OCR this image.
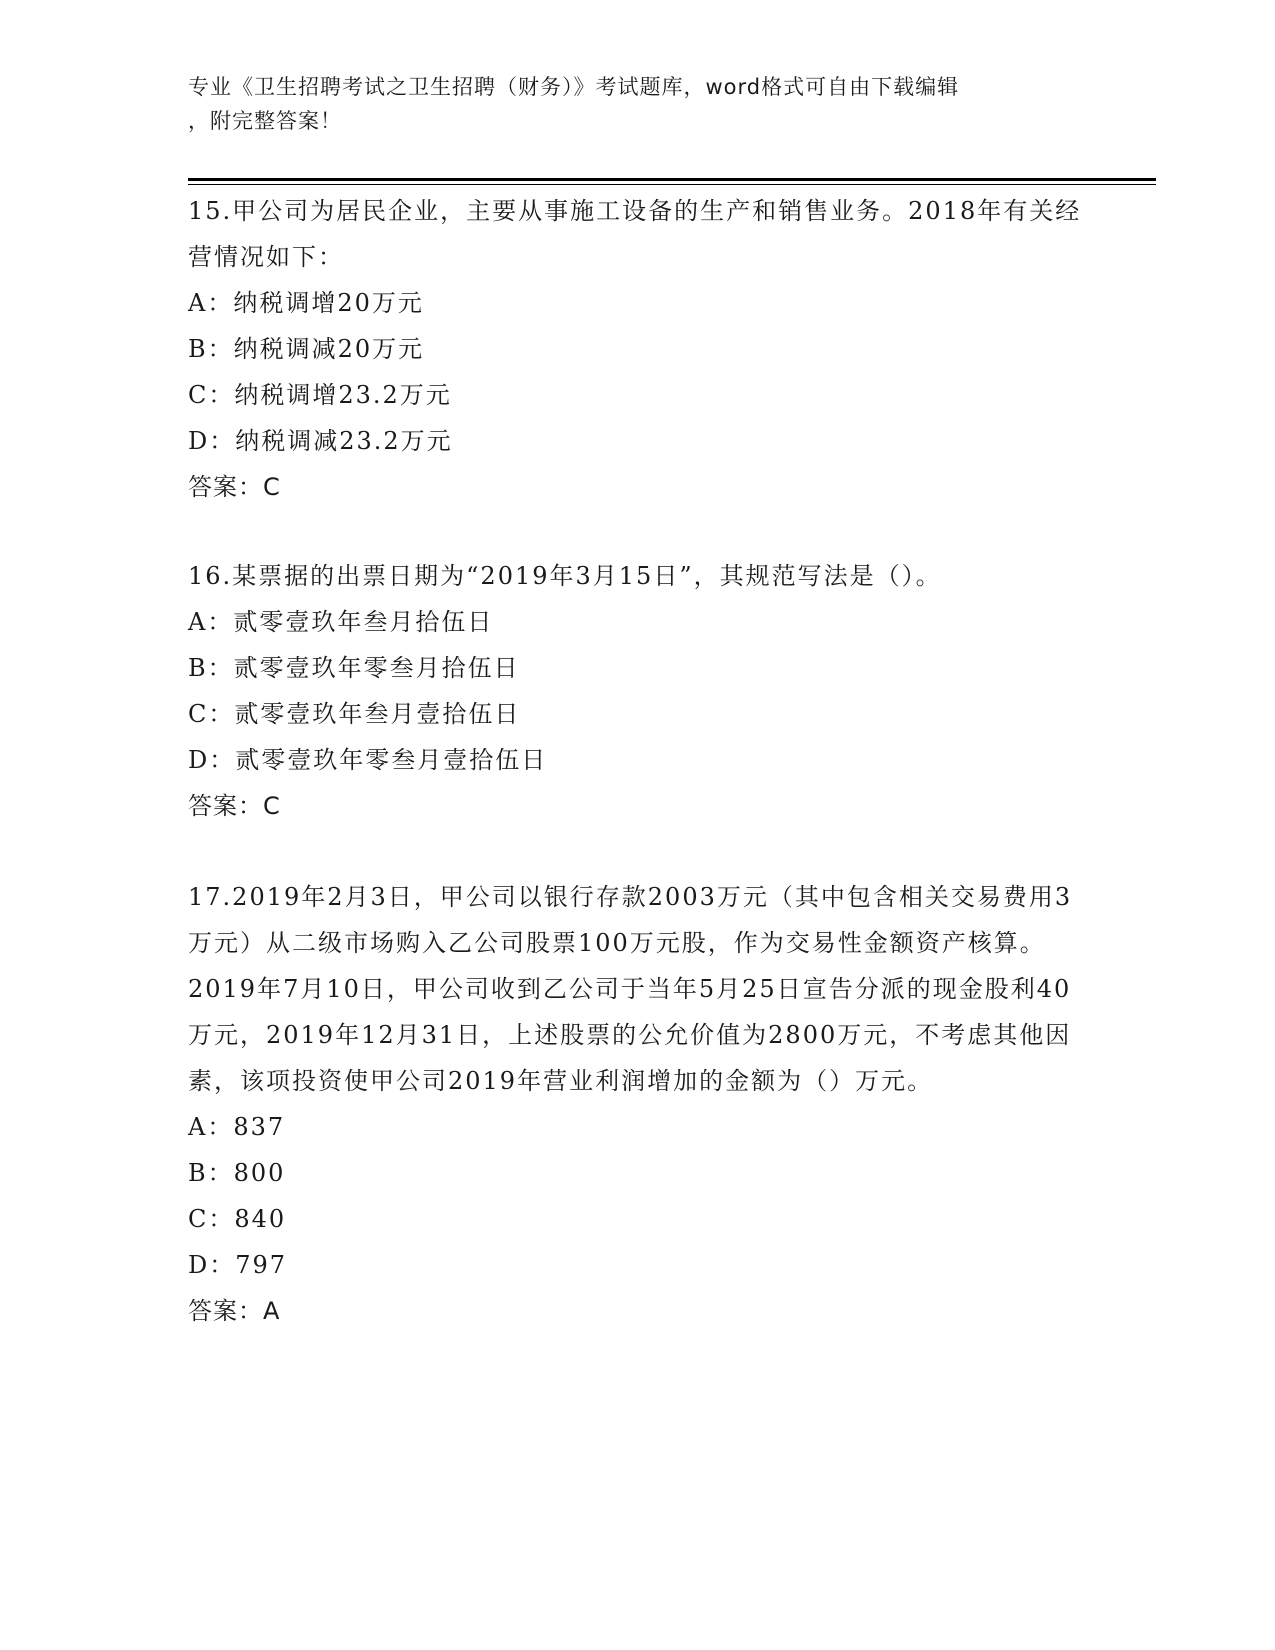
专业《卫生招聘考试之卫生招聘（财务）》考试题库，word格式可自由下载编辑
，附完整答案！
15.甲公司为居民企业，主要从事施工设备的生产和销售业务。2018年有关经营情况如下：
A：纳税调增20万元
B：纳税调减20万元
C：纳税调增23.2万元
D：纳税调减23.2万元
答案：C
16.某票据的出票日期为“2019年3月15日”，其规范写法是（）。
A：贰零壹玖年叁月拾伍日
B：贰零壹玖年零叁月拾伍日
C：贰零壹玖年叁月壹拾伍日
D：贰零壹玖年零叁月壹拾伍日
答案：C
17.2019年2月3日，甲公司以银行存款2003万元（其中包含相关交易费用3万元）从二级市场购入乙公司股票100万元股，作为交易性金额资产核算。2019年7月10日，甲公司收到乙公司于当年5月25日宣告分派的现金股利40万元，2019年12月31日，上述股票的公允价值为2800万元，不考虑其他因素，该项投资使甲公司2019年营业利润增加的金额为（）万元。
A：837
B：800
C：840
D：797
答案：A
